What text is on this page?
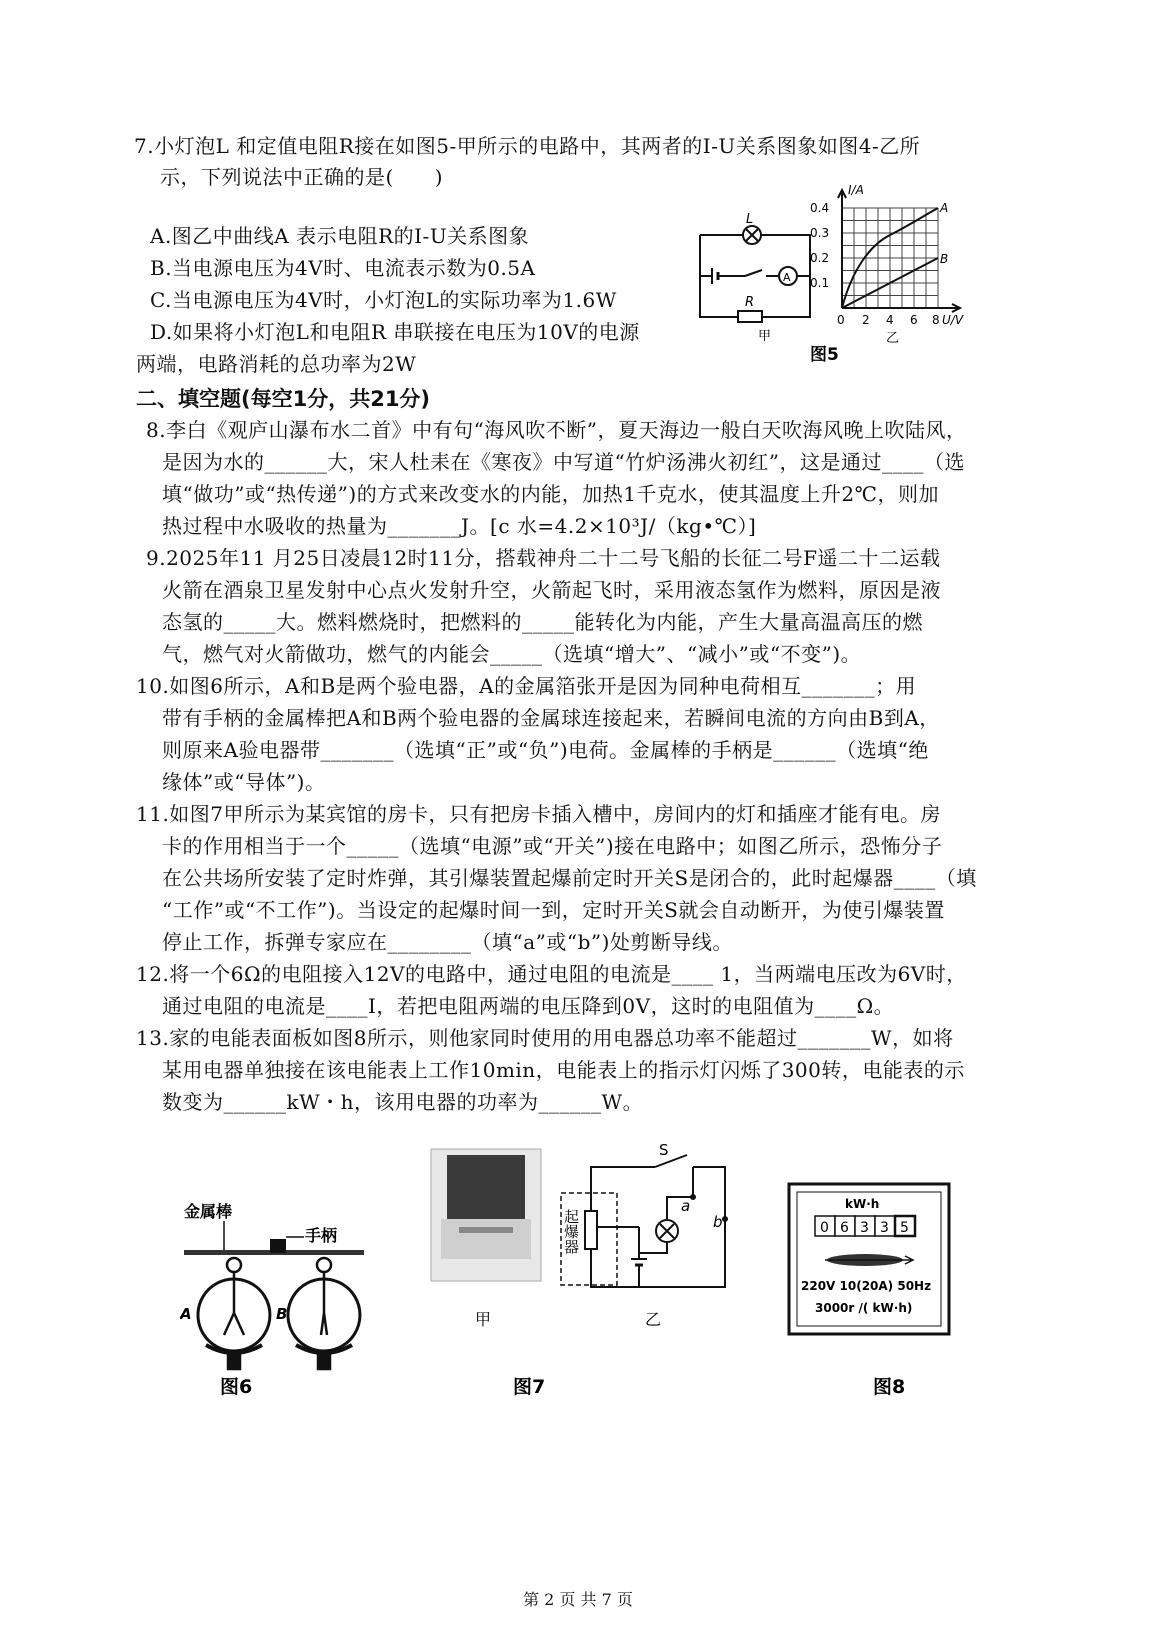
7.小灯泡L 和定值电阻R接在如图5-甲所示的电路中，其两者的I-U关系图象如图4-乙所
示，下列说法中正确的是(　　)
A.图乙中曲线A 表示电阻R的I-U关系图象
B.当电源电压为4V时、电流表示数为0.5A
C.当电源电压为4V时，小灯泡L的实际功率为1.6W
D.如果将小灯泡L和电阻R 串联接在电压为10V的电源
两端，电路消耗的总功率为2W
L
A
R
甲
I/A
0.4
0.3
0.2
0.1
0 2 4 6 8 U/V
A
B
乙
图5
二、填空题(每空1分，共21分)
8.李白《观庐山瀑布水二首》中有句“海风吹不断”，夏天海边一般白天吹海风晚上吹陆风，
是因为水的______大，宋人杜耒在《寒夜》中写道“竹炉汤沸火初红”，这是通过____（选
填“做功”或“热传递”)的方式来改变水的内能，加热1千克水，使其温度上升2℃，则加
热过程中水吸收的热量为_______J。[c 水=4.2×10³J/（kg•℃）]
9.2025年11 月25日凌晨12时11分，搭载神舟二十二号飞船的长征二号F遥二十二运载
火箭在酒泉卫星发射中心点火发射升空，火箭起飞时，采用液态氢作为燃料，原因是液
态氢的_____大。燃料燃烧时，把燃料的_____能转化为内能，产生大量高温高压的燃
气，燃气对火箭做功，燃气的内能会_____（选填“增大”、“减小”或“不变”)。
10.如图6所示，A和B是两个验电器，A的金属箔张开是因为同种电荷相互_______；用
带有手柄的金属棒把A和B两个验电器的金属球连接起来，若瞬间电流的方向由B到A，
则原来A验电器带_______（选填“正”或“负”)电荷。金属棒的手柄是______（选填“绝
缘体”或“导体”)。
11.如图7甲所示为某宾馆的房卡，只有把房卡插入槽中，房间内的灯和插座才能有电。房
卡的作用相当于一个_____（选填“电源”或“开关”)接在电路中；如图乙所示，恐怖分子
在公共场所安装了定时炸弹，其引爆装置起爆前定时开关S是闭合的，此时起爆器____（填
“工作”或“不工作”)。当设定的起爆时间一到，定时开关S就会自动断开，为使引爆装置
停止工作，拆弹专家应在________（填“a”或“b”)处剪断导线。
12.将一个6Ω的电阻接入12V的电路中，通过电阻的电流是____ 1，当两端电压改为6V时，
通过电阻的电流是____I，若把电阻两端的电压降到0V，这时的电阻值为____Ω。
13.家的电能表面板如图8所示，则他家同时使用的用电器总功率不能超过_______W，如将
某用电器单独接在该电能表上工作10min，电能表上的指示灯闪烁了300转，电能表的示
数变为______kW・h，该用电器的功率为______W。
金属棒
手柄
A	B
图6
甲
S
a
b
起爆器
乙
图7
kW·h
0 6 3 3 5
220V 10(20A) 50Hz
3000r /( kW·h)
图8
第 2 页 共 7 页
